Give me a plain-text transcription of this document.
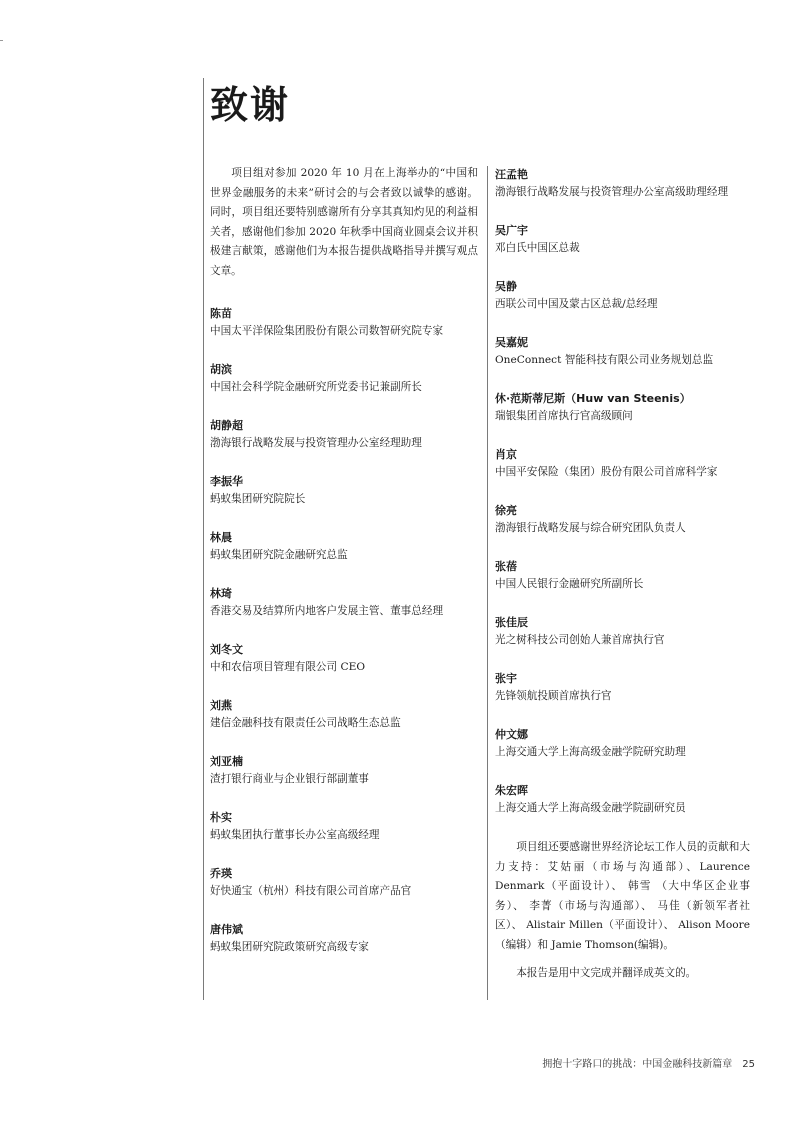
致谢

项目组对参加 2020 年 10 月在上海举办的“中国和世界金融服务的未来”研讨会的与会者致以诚挚的感谢。同时，项目组还要特别感谢所有分享其真知灼见的利益相关者，感谢他们参加 2020 年秋季中国商业圆桌会议并积极建言献策，感谢他们为本报告提供战略指导并撰写观点文章。

陈苗
中国太平洋保险集团股份有限公司数智研究院专家
胡滨
中国社会科学院金融研究所党委书记兼副所长
胡静超
渤海银行战略发展与投资管理办公室经理助理
李振华
蚂蚁集团研究院院长
林晨
蚂蚁集团研究院金融研究总监
林琦
香港交易及结算所内地客户发展主管、董事总经理
刘冬文
中和农信项目管理有限公司 CEO
刘燕
建信金融科技有限责任公司战略生态总监
刘亚楠
渣打银行商业与企业银行部副董事
朴实
蚂蚁集团执行董事长办公室高级经理
乔瑛
好快通宝（杭州）科技有限公司首席产品官
唐伟斌
蚂蚁集团研究院政策研究高级专家
汪孟艳
渤海银行战略发展与投资管理办公室高级助理经理
吴广宇
邓白氏中国区总裁
吴静
西联公司中国及蒙古区总裁/总经理
吴嘉妮
OneConnect 智能科技有限公司业务规划总监
休·范斯蒂尼斯（Huw van Steenis）
瑞银集团首席执行官高级顾问
肖京
中国平安保险（集团）股份有限公司首席科学家
徐亮
渤海银行战略发展与综合研究团队负责人
张蓓
中国人民银行金融研究所副所长
张佳辰
光之树科技公司创始人兼首席执行官
张宇
先锋领航投顾首席执行官
仲文娜
上海交通大学上海高级金融学院研究助理
朱宏晖
上海交通大学上海高级金融学院副研究员

项目组还要感谢世界经济论坛工作人员的贡献和大力支持：艾姑丽（市场与沟通部）、Laurence Denmark（平面设计）、 韩雪 （大中华区企业事务）、 李菁（市场与沟通部）、 马佳（新领军者社区）、 Alistair Millen（平面设计）、 Alison Moore（编辑）和 Jamie Thomson(编辑)。

本报告是用中文完成并翻译成英文的。

拥抱十字路口的挑战：中国金融科技新篇章 25
